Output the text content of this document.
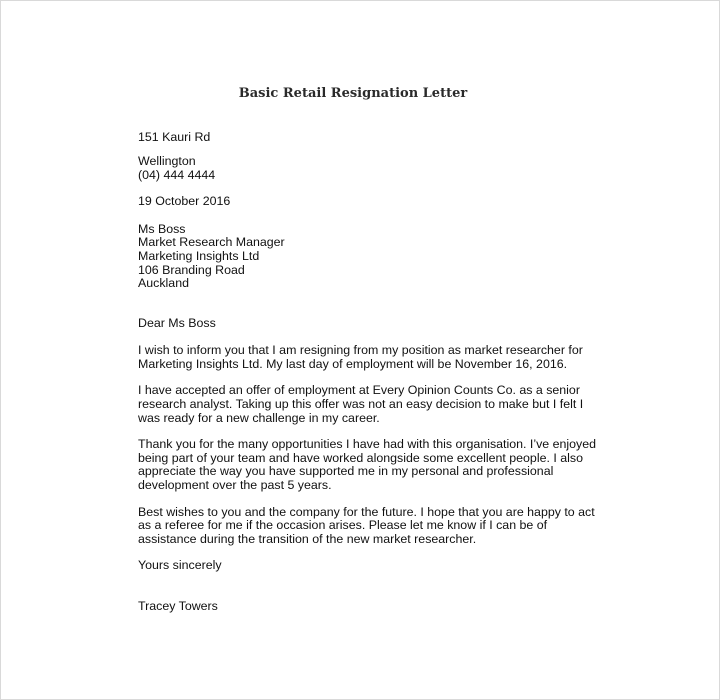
Basic Retail Resignation Letter
151 Kauri Rd
Wellington
(04) 444 4444
19 October 2016
Ms Boss
Market Research Manager
Marketing Insights Ltd
106 Branding Road
Auckland
Dear Ms Boss
I wish to inform you that I am resigning from my position as market researcher for
Marketing Insights Ltd. My last day of employment will be November 16, 2016.
I have accepted an offer of employment at Every Opinion Counts Co. as a senior
research analyst. Taking up this offer was not an easy decision to make but I felt I
was ready for a new challenge in my career.
Thank you for the many opportunities I have had with this organisation. I’ve enjoyed
being part of your team and have worked alongside some excellent people. I also
appreciate the way you have supported me in my personal and professional
development over the past 5 years.
Best wishes to you and the company for the future. I hope that you are happy to act
as a referee for me if the occasion arises. Please let me know if I can be of
assistance during the transition of the new market researcher.
Yours sincerely
Tracey Towers
